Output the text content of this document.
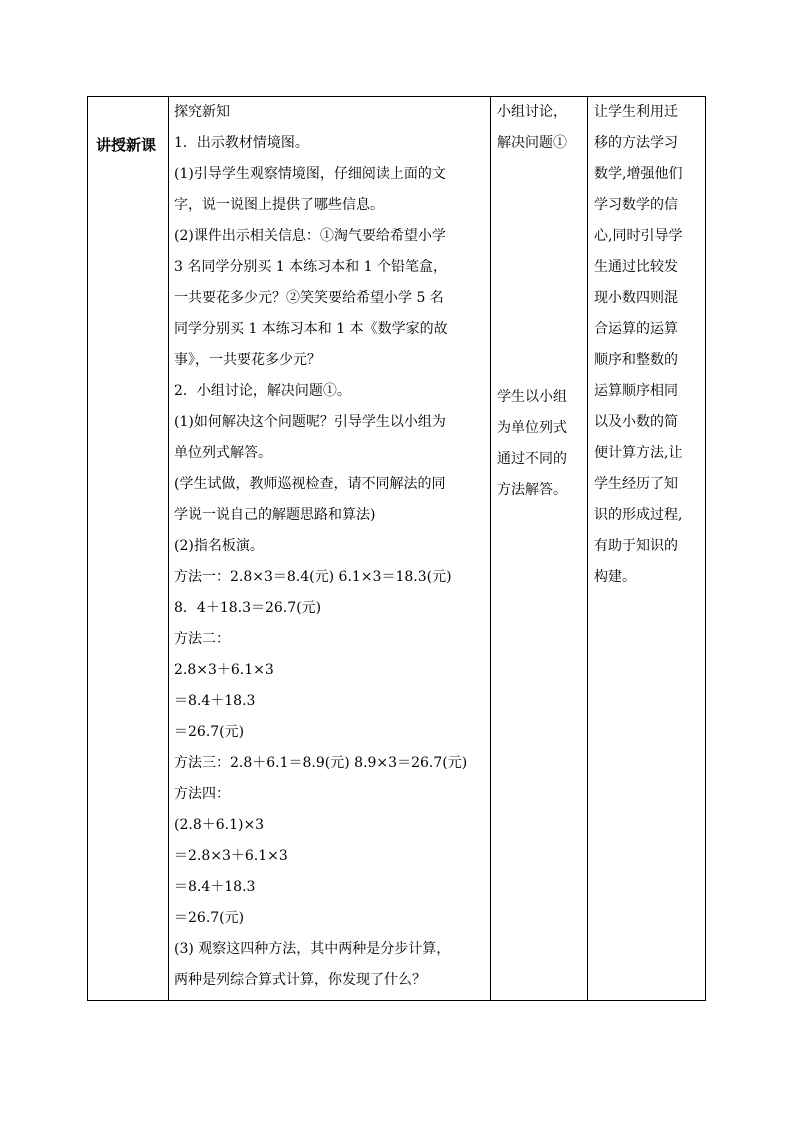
讲授新课
探究新知
1．出示教材情境图。
(1)引导学生观察情境图，仔细阅读上面的文
字，说一说图上提供了哪些信息。
(2)课件出示相关信息：①淘气要给希望小学
3 名同学分别买 1 本练习本和 1 个铅笔盒，
一共要花多少元？②笑笑要给希望小学 5 名
同学分别买 1 本练习本和 1 本《数学家的故
事》，一共要花多少元？
2．小组讨论，解决问题①。
(1)如何解决这个问题呢？引导学生以小组为
单位列式解答。
(学生试做，教师巡视检查，请不同解法的同
学说一说自己的解题思路和算法)
(2)指名板演。
方法一：2.8×3＝8.4(元) 6.1×3＝18.3(元)
8．4＋18.3＝26.7(元)
方法二：
2.8×3＋6.1×3
＝8.4＋18.3
＝26.7(元)
方法三：2.8＋6.1＝8.9(元) 8.9×3＝26.7(元)
方法四：
(2.8＋6.1)×3
＝2.8×3＋6.1×3
＝8.4＋18.3
＝26.7(元)
(3) 观察这四种方法，其中两种是分步计算，
两种是列综合算式计算，你发现了什么？
小组讨论，
解决问题①
学生以小组
为单位列式
通过不同的
方法解答。
让学生利用迁
移的方法学习
数学,增强他们
学习数学的信
心,同时引导学
生通过比较发
现小数四则混
合运算的运算
顺序和整数的
运算顺序相同
以及小数的简
便计算方法,让
学生经历了知
识的形成过程,
有助于知识的
构建。
